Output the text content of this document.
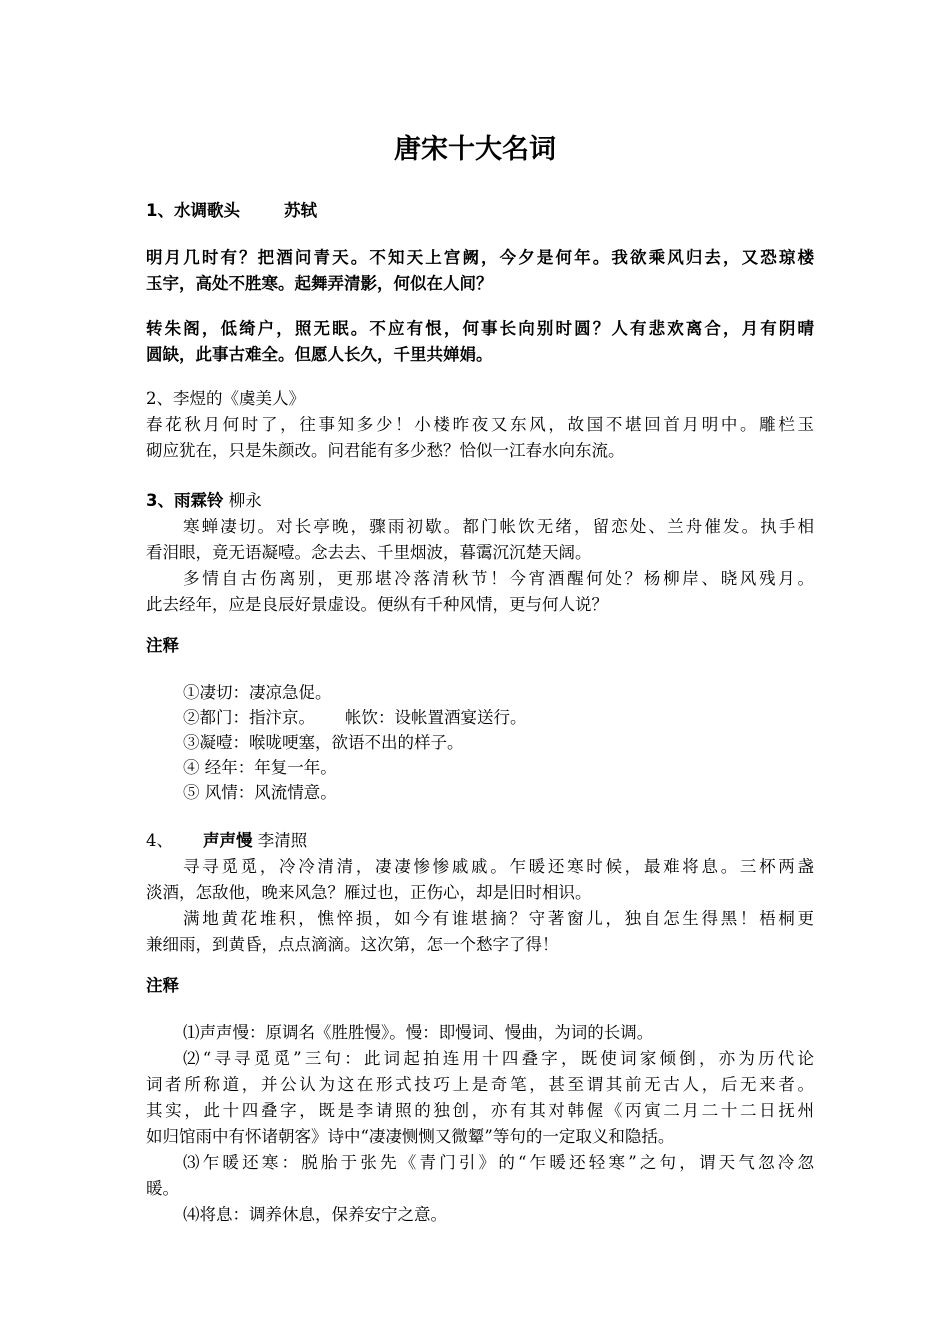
唐宋十大名词
1、水调歌头	苏轼
明月几时有？把酒问青天。不知天上宫阙，今夕是何年。我欲乘风归去，又恐琼楼
玉宇，高处不胜寒。起舞弄清影，何似在人间？
转朱阁，低绮户，照无眠。不应有恨，何事长向别时圆？人有悲欢离合，月有阴晴
圆缺，此事古难全。但愿人长久，千里共婵娟。
2、李煜的《虞美人》
春花秋月何时了，往事知多少！小楼昨夜又东风，故国不堪回首月明中。雕栏玉
砌应犹在，只是朱颜改。问君能有多少愁？恰似一江春水向东流。
3、雨霖铃 柳永
寒蝉凄切。对长亭晚，骤雨初歇。都门帐饮无绪，留恋处、兰舟催发。执手相
看泪眼，竟无语凝噎。念去去、千里烟波，暮霭沉沉楚天阔。
多情自古伤离别，更那堪冷落清秋节！今宵酒醒何处？杨柳岸、晓风残月。
此去经年，应是良辰好景虚设。便纵有千种风情，更与何人说？
注释
①凄切：凄凉急促。
②都门：指汴京。 帐饮：设帐置酒宴送行。
③凝噎：喉咙哽塞，欲语不出的样子。
④ 经年：年复一年。
⑤ 风情：风流情意。
4、 声声慢 李清照
寻寻觅觅，冷冷清清，凄凄惨惨戚戚。乍暖还寒时候，最难将息。三杯两盏
淡酒，怎敌他，晚来风急？雁过也，正伤心，却是旧时相识。
满地黄花堆积，憔悴损，如今有谁堪摘？守著窗儿，独自怎生得黑！梧桐更
兼细雨，到黄昏，点点滴滴。这次第，怎一个愁字了得！
注释
⑴声声慢：原调名《胜胜慢》。慢：即慢词、慢曲，为词的长调。
⑵“寻寻觅觅”三句：此词起拍连用十四叠字，既使词家倾倒，亦为历代论
词者所称道，并公认为这在形式技巧上是奇笔，甚至谓其前无古人，后无来者。
其实，此十四叠字，既是李请照的独创，亦有其对韩偓《丙寅二月二十二日抚州
如归馆雨中有怀诸朝客》诗中“凄凄恻恻又微颦”等句的一定取义和隐括。
⑶乍暖还寒：脱胎于张先《青门引》的“乍暖还轻寒”之句，谓天气忽冷忽
暖。
⑷将息：调养休息，保养安宁之意。
